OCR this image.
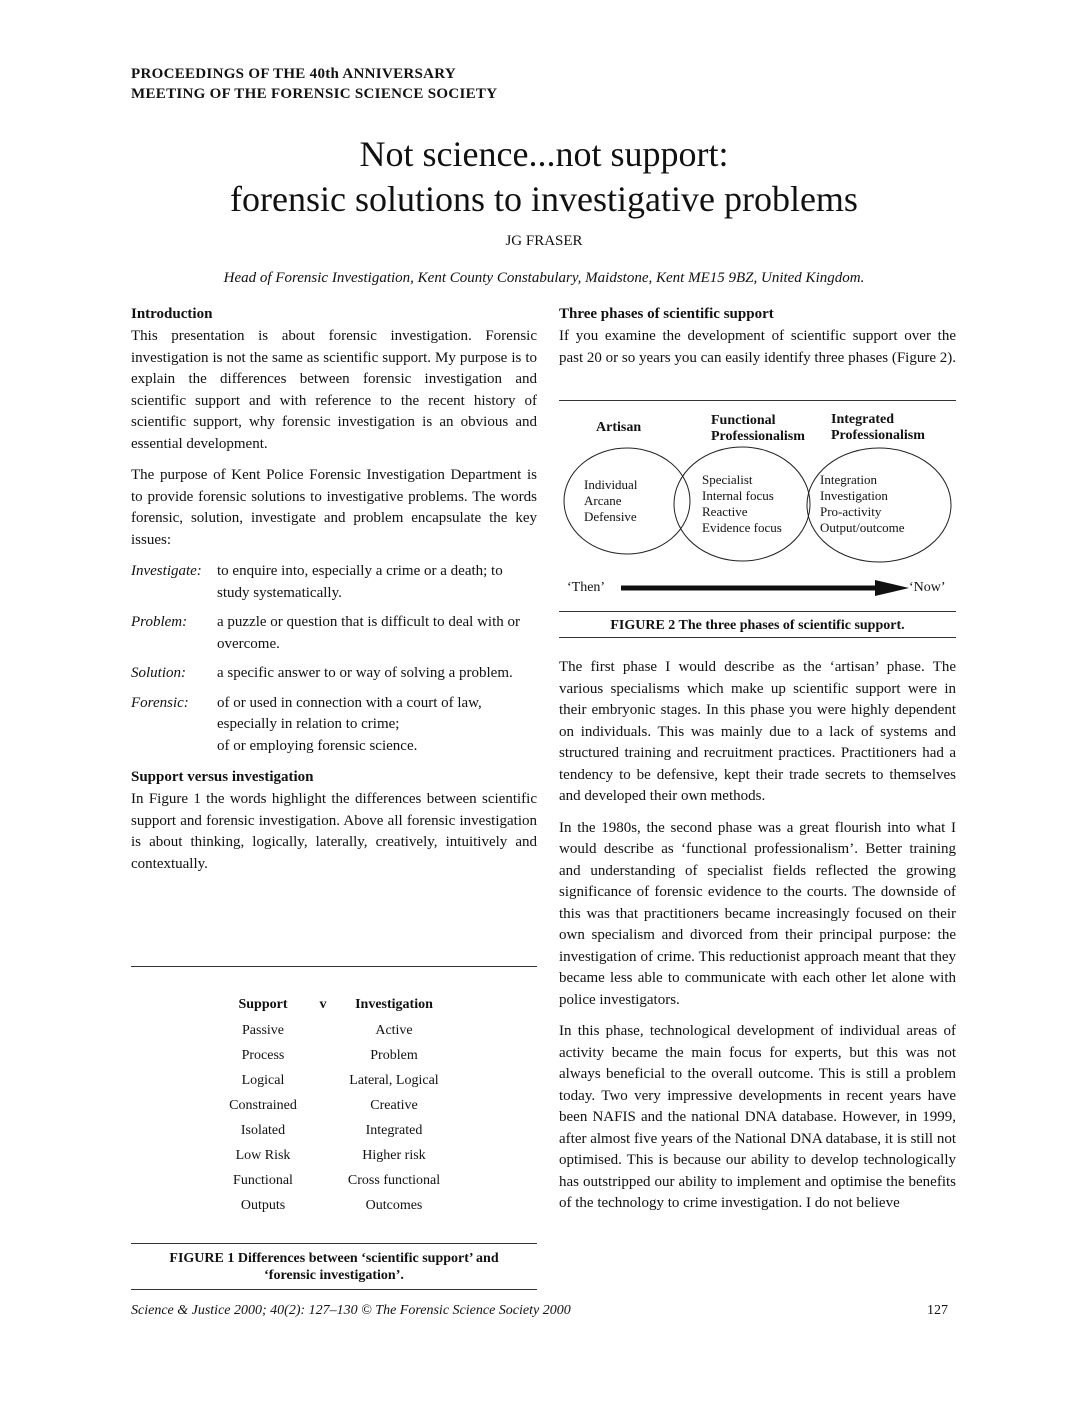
PROCEEDINGS OF THE 40th ANNIVERSARY
MEETING OF THE FORENSIC SCIENCE SOCIETY
Not science...not support:
forensic solutions to investigative problems
JG FRASER
Head of Forensic Investigation, Kent County Constabulary, Maidstone, Kent ME15 9BZ, United Kingdom.
Introduction

This presentation is about forensic investigation. Forensic investigation is not the same as scientific support. My purpose is to explain the differences between forensic investigation and scientific support and with reference to the recent history of scientific support, why forensic investigation is an obvious and essential development.

The purpose of Kent Police Forensic Investigation Department is to provide forensic solutions to investigative problems. The words forensic, solution, investigate and problem encapsulate the key issues:

Investigate:	to enquire into, especially a crime or a death; to study systematically.
Problem:	a puzzle or question that is difficult to deal with or overcome.
Solution:	a specific answer to or way of solving a problem.
Forensic:	of or used in connection with a court of law, especially in relation to crime;
of or employing forensic science.
Support versus investigation

In Figure 1 the words highlight the differences between scientific support and forensic investigation. Above all forensic investigation is about thinking, logically, laterally, creatively, intuitively and contextually.

Support	v	Investigation
Passive		Active
Process		Problem
Logical		Lateral, Logical
Constrained		Creative
Isolated		Integrated
Low Risk		Higher risk
Functional		Cross functional
Outputs		Outcomes
FIGURE 1 Differences between ‘scientific support’ and
‘forensic investigation’.
Three phases of scientific support

If you examine the development of scientific support over the past 20 or so years you can easily identify three phases (Figure 2).

Artisan	Functional
Professionalism
Integrated
Professionalism
Individual
Arcane
Defensive
Specialist
Internal focus
Reactive
Evidence focus
Integration
Investigation
Pro-activity
Output/outcome
‘Then’	‘Now’
FIGURE 2 The three phases of scientific support.

The first phase I would describe as the ‘artisan’ phase. The various specialisms which make up scientific support were in their embryonic stages. In this phase you were highly dependent on individuals. This was mainly due to a lack of systems and structured training and recruitment practices. Practitioners had a tendency to be defensive, kept their trade secrets to themselves and developed their own methods.

In the 1980s, the second phase was a great flourish into what I would describe as ‘functional professionalism’. Better training and understanding of specialist fields reflected the growing significance of forensic evidence to the courts. The downside of this was that practitioners became increasingly focused on their own specialism and divorced from their principal purpose: the investigation of crime. This reductionist approach meant that they became less able to communicate with each other let alone with police investigators.

In this phase, technological development of individual areas of activity became the main focus for experts, but this was not always beneficial to the overall outcome. This is still a problem today. Two very impressive developments in recent years have been NAFIS and the national DNA database. However, in 1999, after almost five years of the National DNA database, it is still not optimised. This is because our ability to develop technologically has outstripped our ability to implement and optimise the benefits of the technology to crime investigation. I do not believe

Science & Justice 2000; 40(2): 127–130 © The Forensic Science Society 2000	127
